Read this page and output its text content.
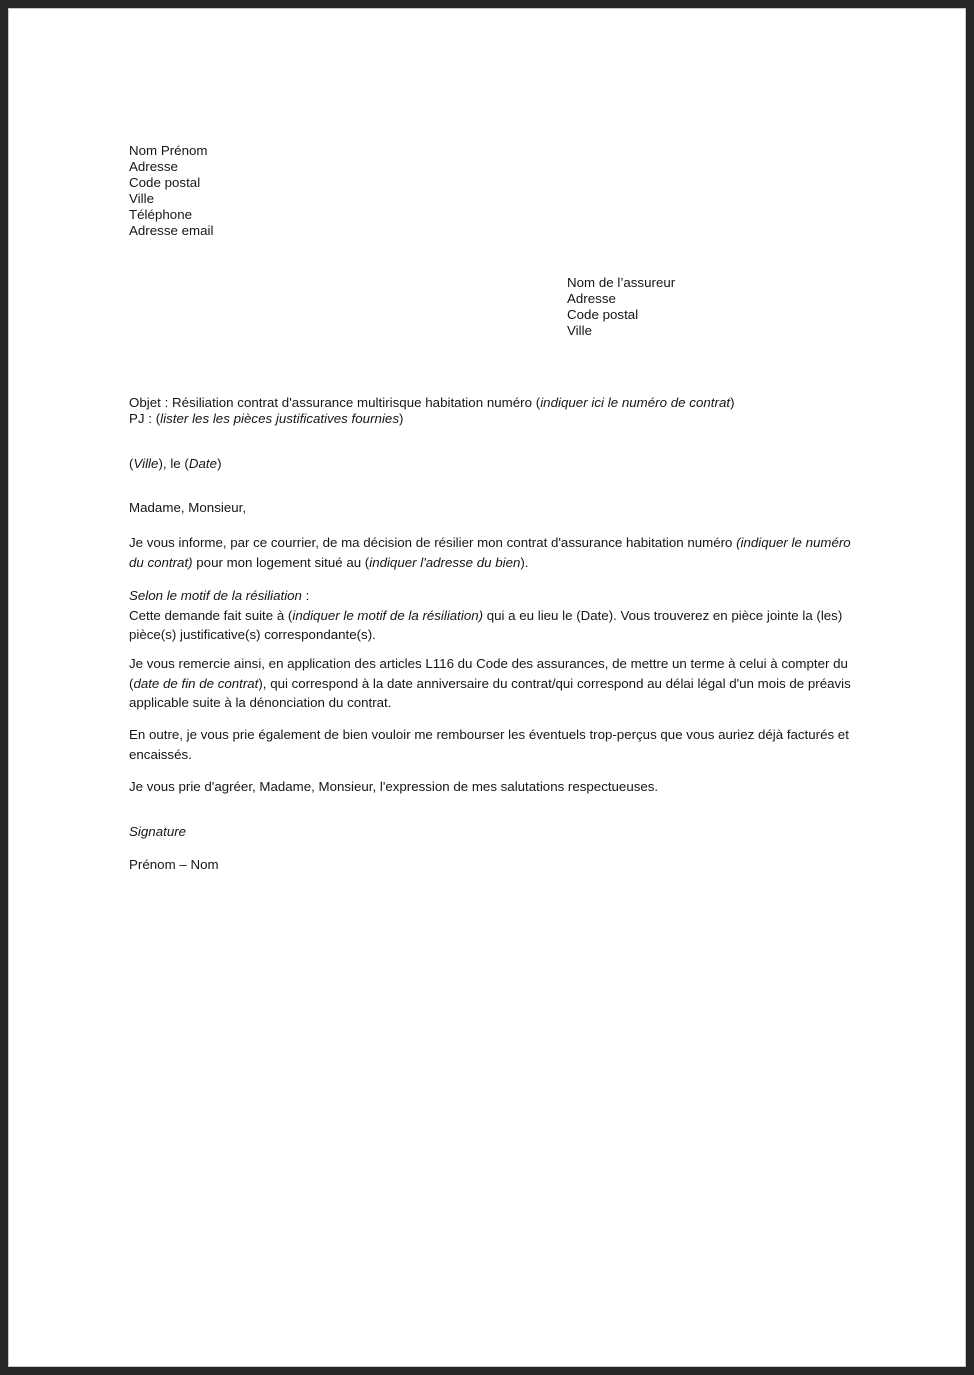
Nom Prénom
Adresse
Code postal
Ville
Téléphone
Adresse email
Nom de l’assureur
Adresse
Code postal
Ville
Objet : Résiliation contrat d'assurance multirisque habitation numéro (indiquer ici le numéro de contrat)
PJ : (lister les les pièces justificatives fournies)
(Ville), le (Date)
Madame, Monsieur,

Je vous informe, par ce courrier, de ma décision de résilier mon contrat d'assurance habitation numéro (indiquer le numéro du contrat) pour mon logement situé au (indiquer l'adresse du bien).

Selon le motif de la résiliation :

Cette demande fait suite à (indiquer le motif de la résiliation) qui a eu lieu le (Date). Vous trouverez en pièce jointe la (les) pièce(s) justificative(s) correspondante(s).

Je vous remercie ainsi, en application des articles L116 du Code des assurances, de mettre un terme à celui à compter du (date de fin de contrat), qui correspond à la date anniversaire du contrat/qui correspond au délai légal d'un mois de préavis applicable suite à la dénonciation du contrat.

En outre, je vous prie également de bien vouloir me rembourser les éventuels trop-perçus que vous auriez déjà facturés et encaissés.

Je vous prie d'agréer, Madame, Monsieur, l'expression de mes salutations respectueuses.

Signature
Prénom – Nom
